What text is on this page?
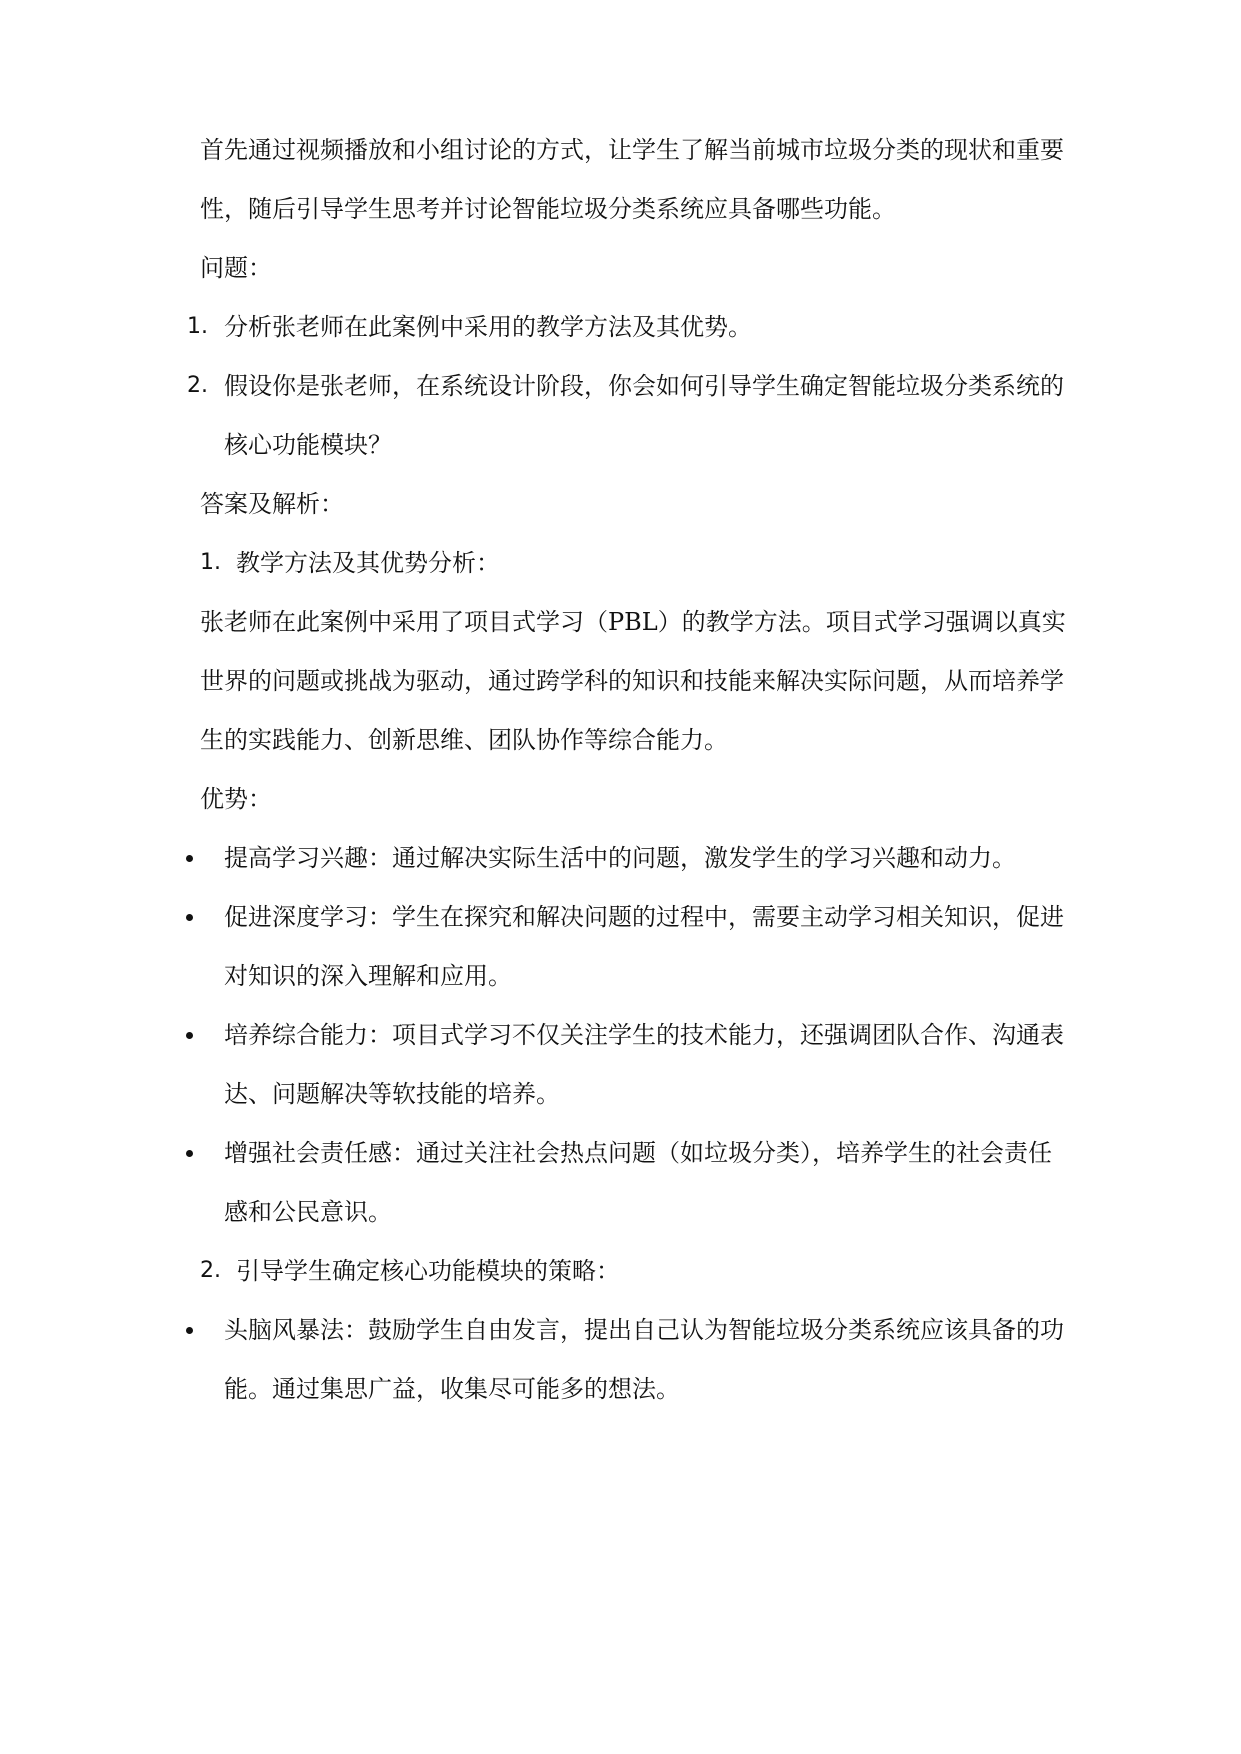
首先通过视频播放和小组讨论的方式，让学生了解当前城市垃圾分类的现状和重要
性，随后引导学生思考并讨论智能垃圾分类系统应具备哪些功能。
问题：
1. 分析张老师在此案例中采用的教学方法及其优势。
2. 假设你是张老师，在系统设计阶段，你会如何引导学生确定智能垃圾分类系统的
核心功能模块？
答案及解析：
1. 教学方法及其优势分析：
张老师在此案例中采用了项目式学习（PBL）的教学方法。项目式学习强调以真实
世界的问题或挑战为驱动，通过跨学科的知识和技能来解决实际问题，从而培养学
生的实践能力、创新思维、团队协作等综合能力。
优势：
提高学习兴趣：通过解决实际生活中的问题，激发学生的学习兴趣和动力。
促进深度学习：学生在探究和解决问题的过程中，需要主动学习相关知识，促进
对知识的深入理解和应用。
培养综合能力：项目式学习不仅关注学生的技术能力，还强调团队合作、沟通表
达、问题解决等软技能的培养。
增强社会责任感：通过关注社会热点问题（如垃圾分类），培养学生的社会责任
感和公民意识。
2. 引导学生确定核心功能模块的策略：
头脑风暴法：鼓励学生自由发言，提出自己认为智能垃圾分类系统应该具备的功
能。通过集思广益，收集尽可能多的想法。
